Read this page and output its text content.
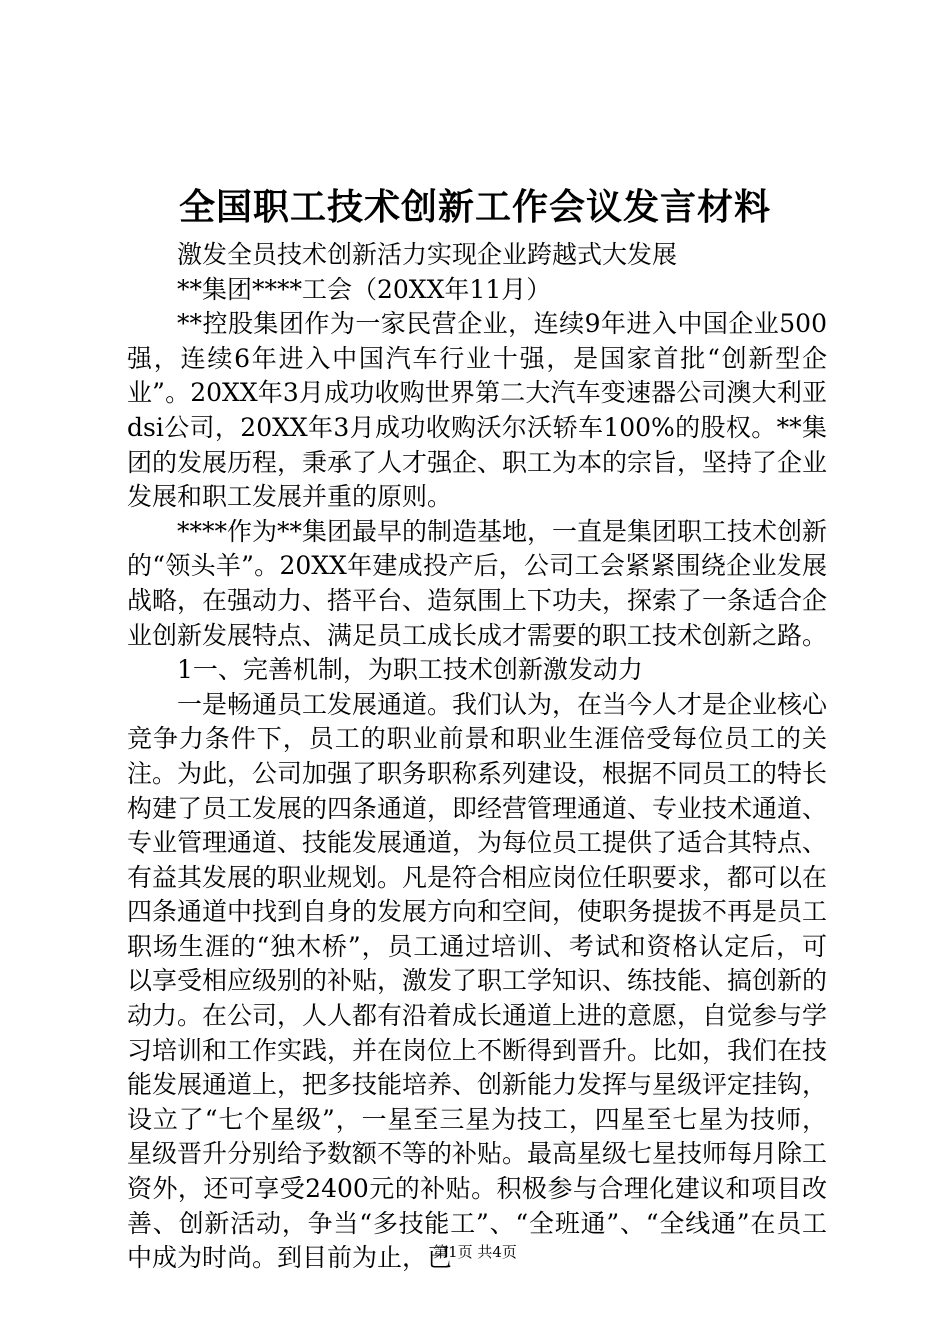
全国职工技术创新工作会议发言材料

激发全员技术创新活力实现企业跨越式大发展

**集团****工会（20XX年11月）

**控股集团作为一家民营企业，连续9年进入中国企业500强，连续6年进入中国汽车行业十强，是国家首批“创新型企业”。20XX年3月成功收购世界第二大汽车变速器公司澳大利亚dsi公司，20XX年3月成功收购沃尔沃轿车100%的股权。**集团的发展历程，秉承了人才强企、职工为本的宗旨，坚持了企业发展和职工发展并重的原则。

****作为**集团最早的制造基地，一直是集团职工技术创新的“领头羊”。20XX年建成投产后，公司工会紧紧围绕企业发展战略，在强动力、搭平台、造氛围上下功夫，探索了一条适合企业创新发展特点、满足员工成长成才需要的职工技术创新之路。

1一、完善机制，为职工技术创新激发动力

一是畅通员工发展通道。我们认为，在当今人才是企业核心竞争力条件下，员工的职业前景和职业生涯倍受每位员工的关注。为此，公司加强了职务职称系列建设，根据不同员工的特长构建了员工发展的四条通道，即经营管理通道、专业技术通道、专业管理通道、技能发展通道，为每位员工提供了适合其特点、有益其发展的职业规划。凡是符合相应岗位任职要求，都可以在四条通道中找到自身的发展方向和空间，使职务提拔不再是员工职场生涯的“独木桥”，员工通过培训、考试和资格认定后，可以享受相应级别的补贴，激发了职工学知识、练技能、搞创新的动力。在公司，人人都有沿着成长通道上进的意愿，自觉参与学习培训和工作实践，并在岗位上不断得到晋升。比如，我们在技能发展通道上，把多技能培养、创新能力发挥与星级评定挂钩，设立了“七个星级”，一星至三星为技工，四星至七星为技师，星级晋升分别给予数额不等的补贴。最高星级七星技师每月除工资外，还可享受2400元的补贴。积极参与合理化建议和项目改善、创新活动，争当“多技能工”、“全班通”、“全线通”在员工中成为时尚。到目前为止，已

第1页 共4页
